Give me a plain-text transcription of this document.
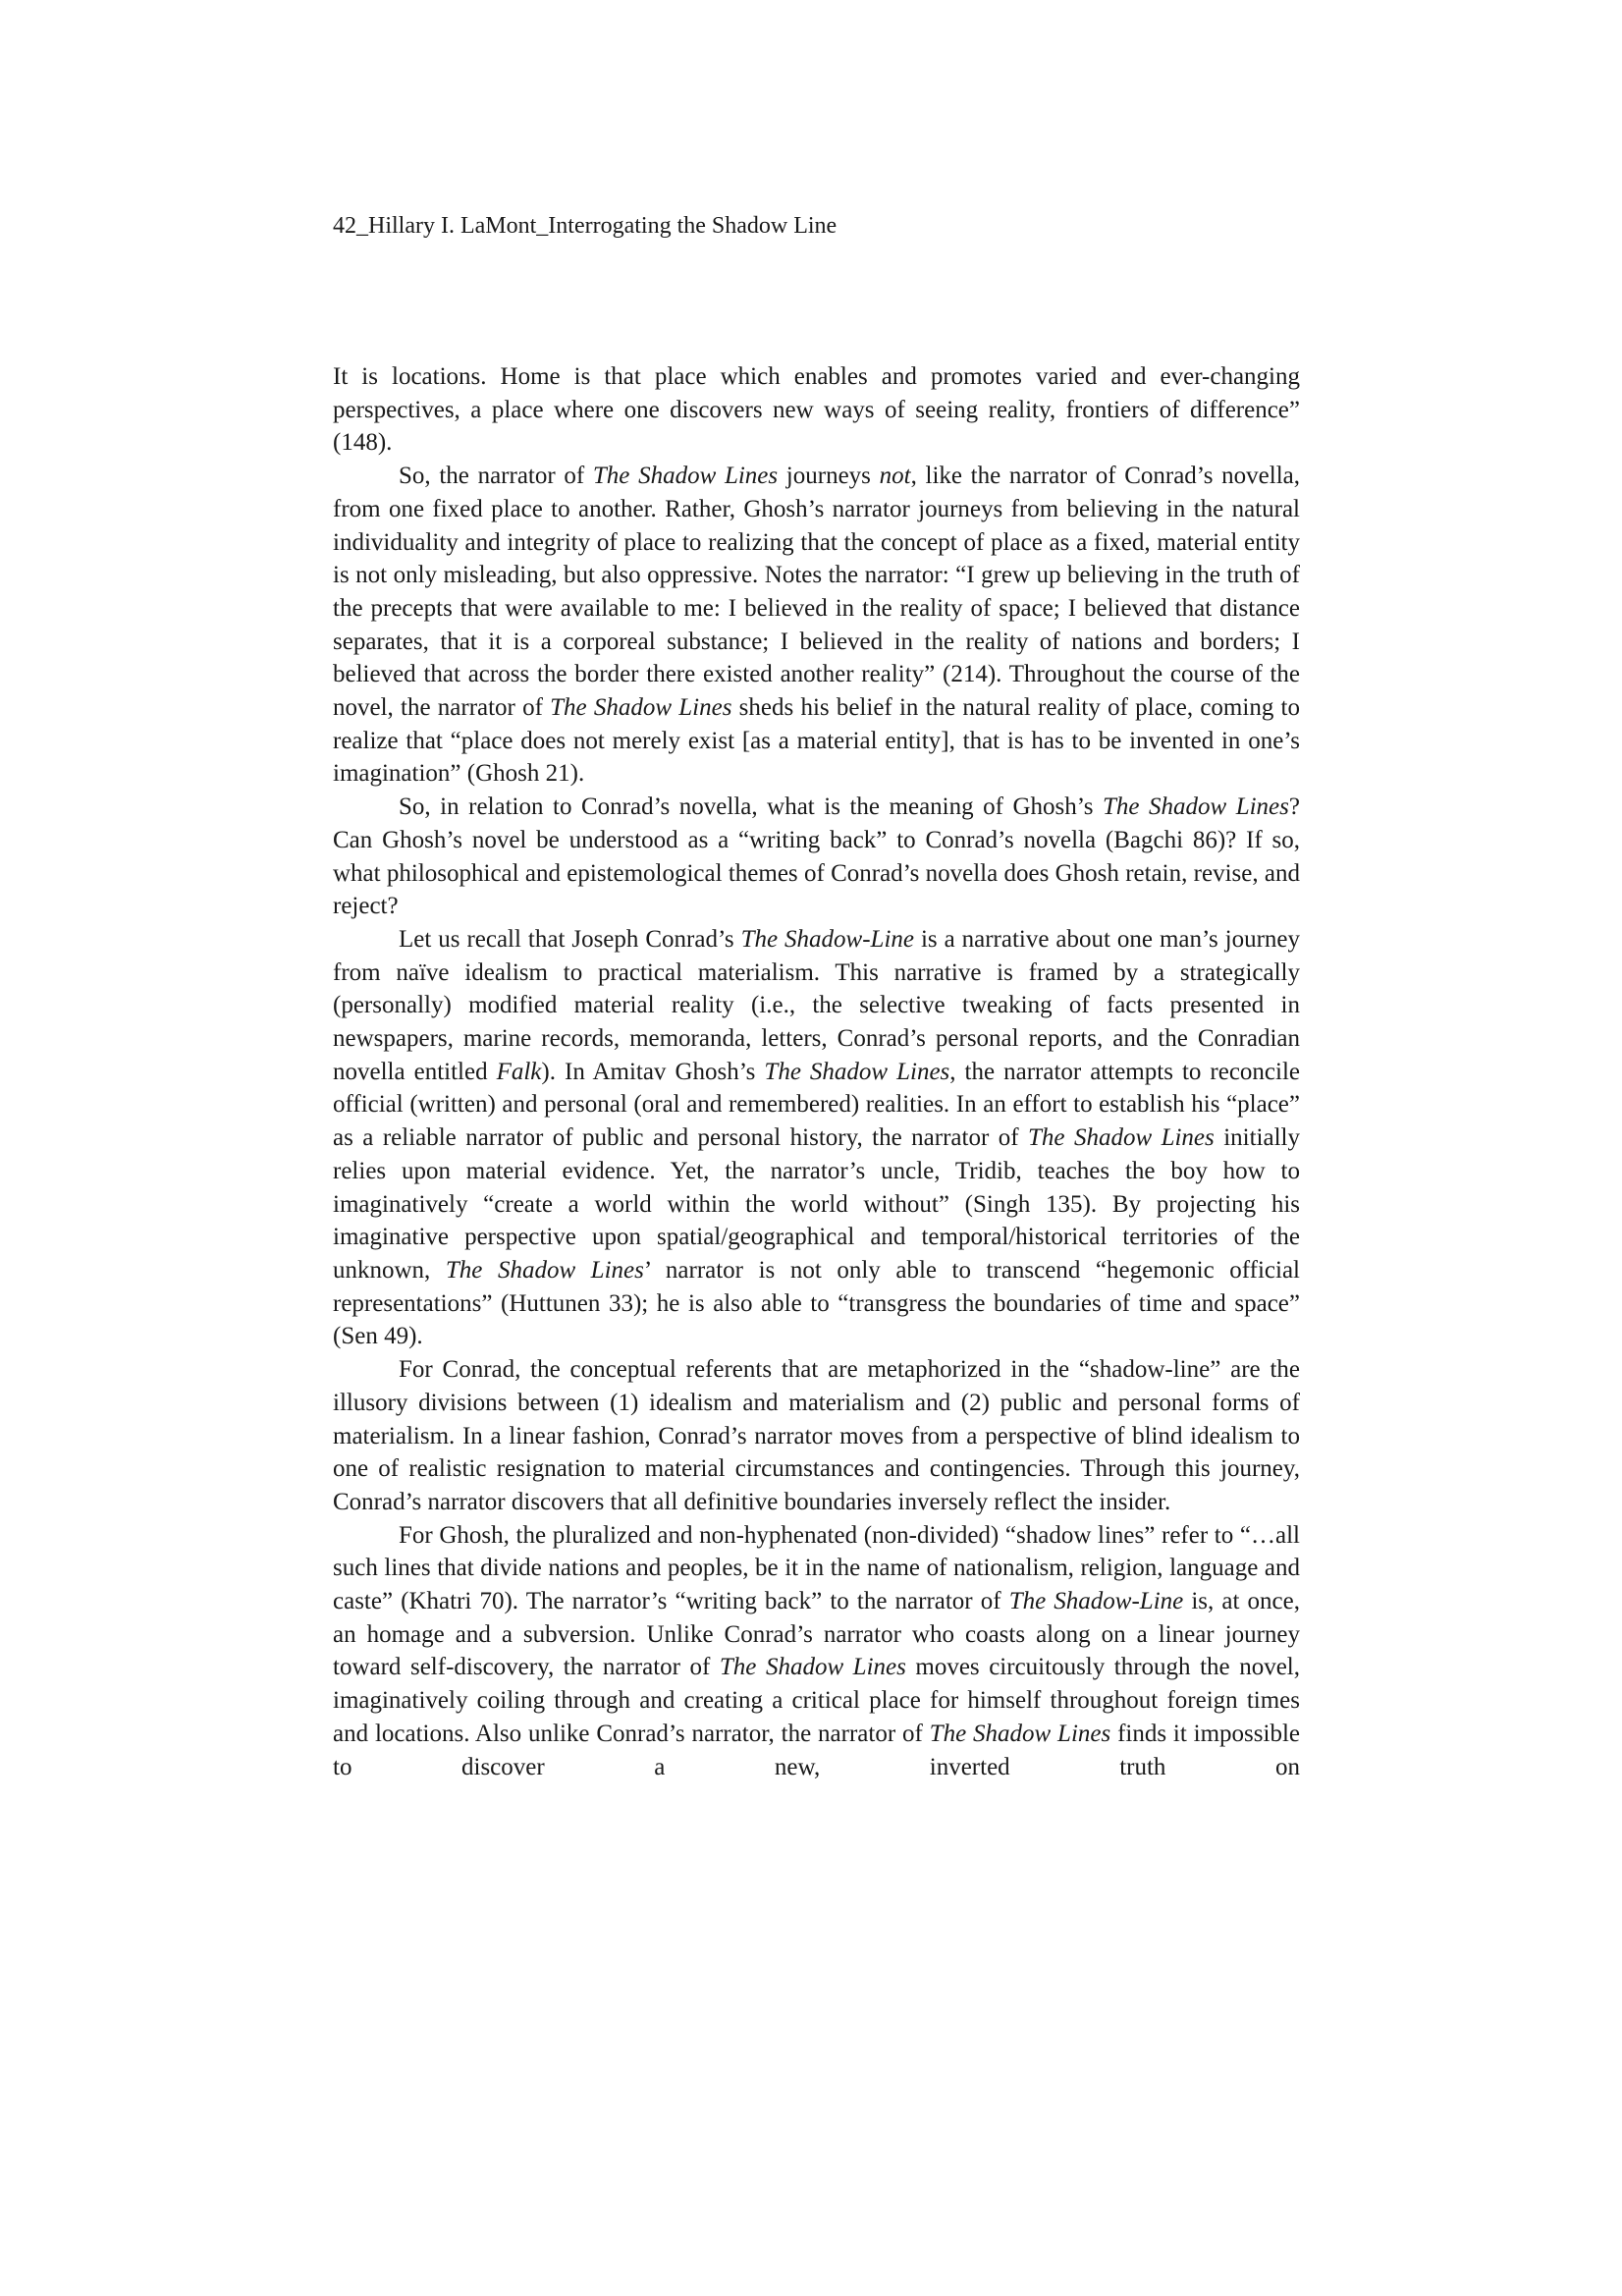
42_Hillary I. LaMont_Interrogating the Shadow Line

It is locations. Home is that place which enables and promotes varied and ever-changing perspectives, a place where one discovers new ways of seeing reality, frontiers of difference” (148).

So, the narrator of The Shadow Lines journeys not, like the narrator of Conrad’s novella, from one fixed place to another. Rather, Ghosh’s narrator journeys from believing in the natural individuality and integrity of place to realizing that the concept of place as a fixed, material entity is not only misleading, but also oppressive. Notes the narrator: “I grew up believing in the truth of the precepts that were available to me: I believed in the reality of space; I believed that distance separates, that it is a corporeal substance; I believed in the reality of nations and borders; I believed that across the border there existed another reality” (214). Throughout the course of the novel, the narrator of The Shadow Lines sheds his belief in the natural reality of place, coming to realize that “place does not merely exist [as a material entity], that is has to be invented in one’s imagination” (Ghosh 21).

So, in relation to Conrad’s novella, what is the meaning of Ghosh’s The Shadow Lines? Can Ghosh’s novel be understood as a “writing back” to Conrad’s novella (Bagchi 86)? If so, what philosophical and epistemological themes of Conrad’s novella does Ghosh retain, revise, and reject?

Let us recall that Joseph Conrad’s The Shadow-Line is a narrative about one man’s journey from naïve idealism to practical materialism. This narrative is framed by a strategically (personally) modified material reality (i.e., the selective tweaking of facts presented in newspapers, marine records, memoranda, letters, Conrad’s personal reports, and the Conradian novella entitled Falk). In Amitav Ghosh’s The Shadow Lines, the narrator attempts to reconcile official (written) and personal (oral and remembered) realities. In an effort to establish his “place” as a reliable narrator of public and personal history, the narrator of The Shadow Lines initially relies upon material evidence. Yet, the narrator’s uncle, Tridib, teaches the boy how to imaginatively “create a world within the world without” (Singh 135). By projecting his imaginative perspective upon spatial/geographical and temporal/historical territories of the unknown, The Shadow Lines’ narrator is not only able to transcend “hegemonic official representations” (Huttunen 33); he is also able to “transgress the boundaries of time and space” (Sen 49).

For Conrad, the conceptual referents that are metaphorized in the “shadow-line” are the illusory divisions between (1) idealism and materialism and (2) public and personal forms of materialism. In a linear fashion, Conrad’s narrator moves from a perspective of blind idealism to one of realistic resignation to material circumstances and contingencies. Through this journey, Conrad’s narrator discovers that all definitive boundaries inversely reflect the insider.

For Ghosh, the pluralized and non-hyphenated (non-divided) “shadow lines” refer to “…all such lines that divide nations and peoples, be it in the name of nationalism, religion, language and caste” (Khatri 70). The narrator’s “writing back” to the narrator of The Shadow-Line is, at once, an homage and a subversion. Unlike Conrad’s narrator who coasts along on a linear journey toward self-discovery, the narrator of The Shadow Lines moves circuitously through the novel, imaginatively coiling through and creating a critical place for himself throughout foreign times and locations. Also unlike Conrad’s narrator, the narrator of The Shadow Lines finds it impossible to discover a new, inverted truth on
